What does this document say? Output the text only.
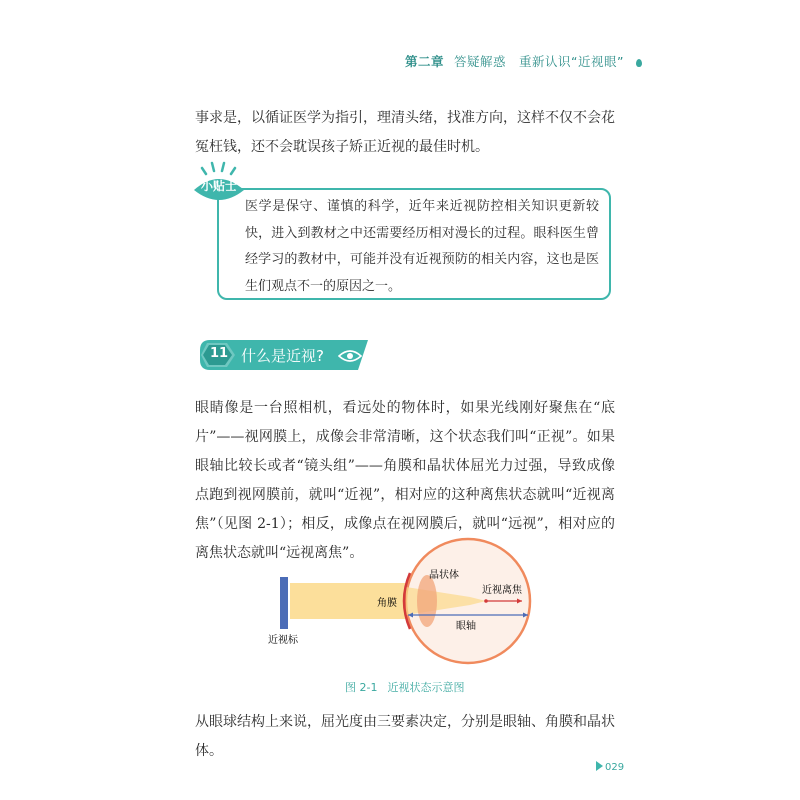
第二章 答疑解惑　重新认识“近视眼”
事求是，以循证医学为指引，理清头绪，找准方向，这样不仅不会花冤枉钱，还不会耽误孩子矫正近视的最佳时机。
小贴士
医学是保守、谨慎的科学，近年来近视防控相关知识更新较快，进入到教材之中还需要经历相对漫长的过程。眼科医生曾经学习的教材中，可能并没有近视预防的相关内容，这也是医生们观点不一的原因之一。
11 什么是近视?
眼睛像是一台照相机，看远处的物体时，如果光线刚好聚焦在“底片”——视网膜上，成像会非常清晰，这个状态我们叫“正视”。如果眼轴比较长或者“镜头组”——角膜和晶状体屈光力过强，导致成像点跑到视网膜前，就叫“近视”，相对应的这种离焦状态就叫“近视离焦”（见图 2-1）；相反，成像点在视网膜后，就叫“远视”，相对应的离焦状态就叫“远视离焦”。
晶状体
角膜
近视离焦
眼轴
近视标
图 2-1 近视状态示意图
从眼球结构上来说，屈光度由三要素决定，分别是眼轴、角膜和晶状体。
029
